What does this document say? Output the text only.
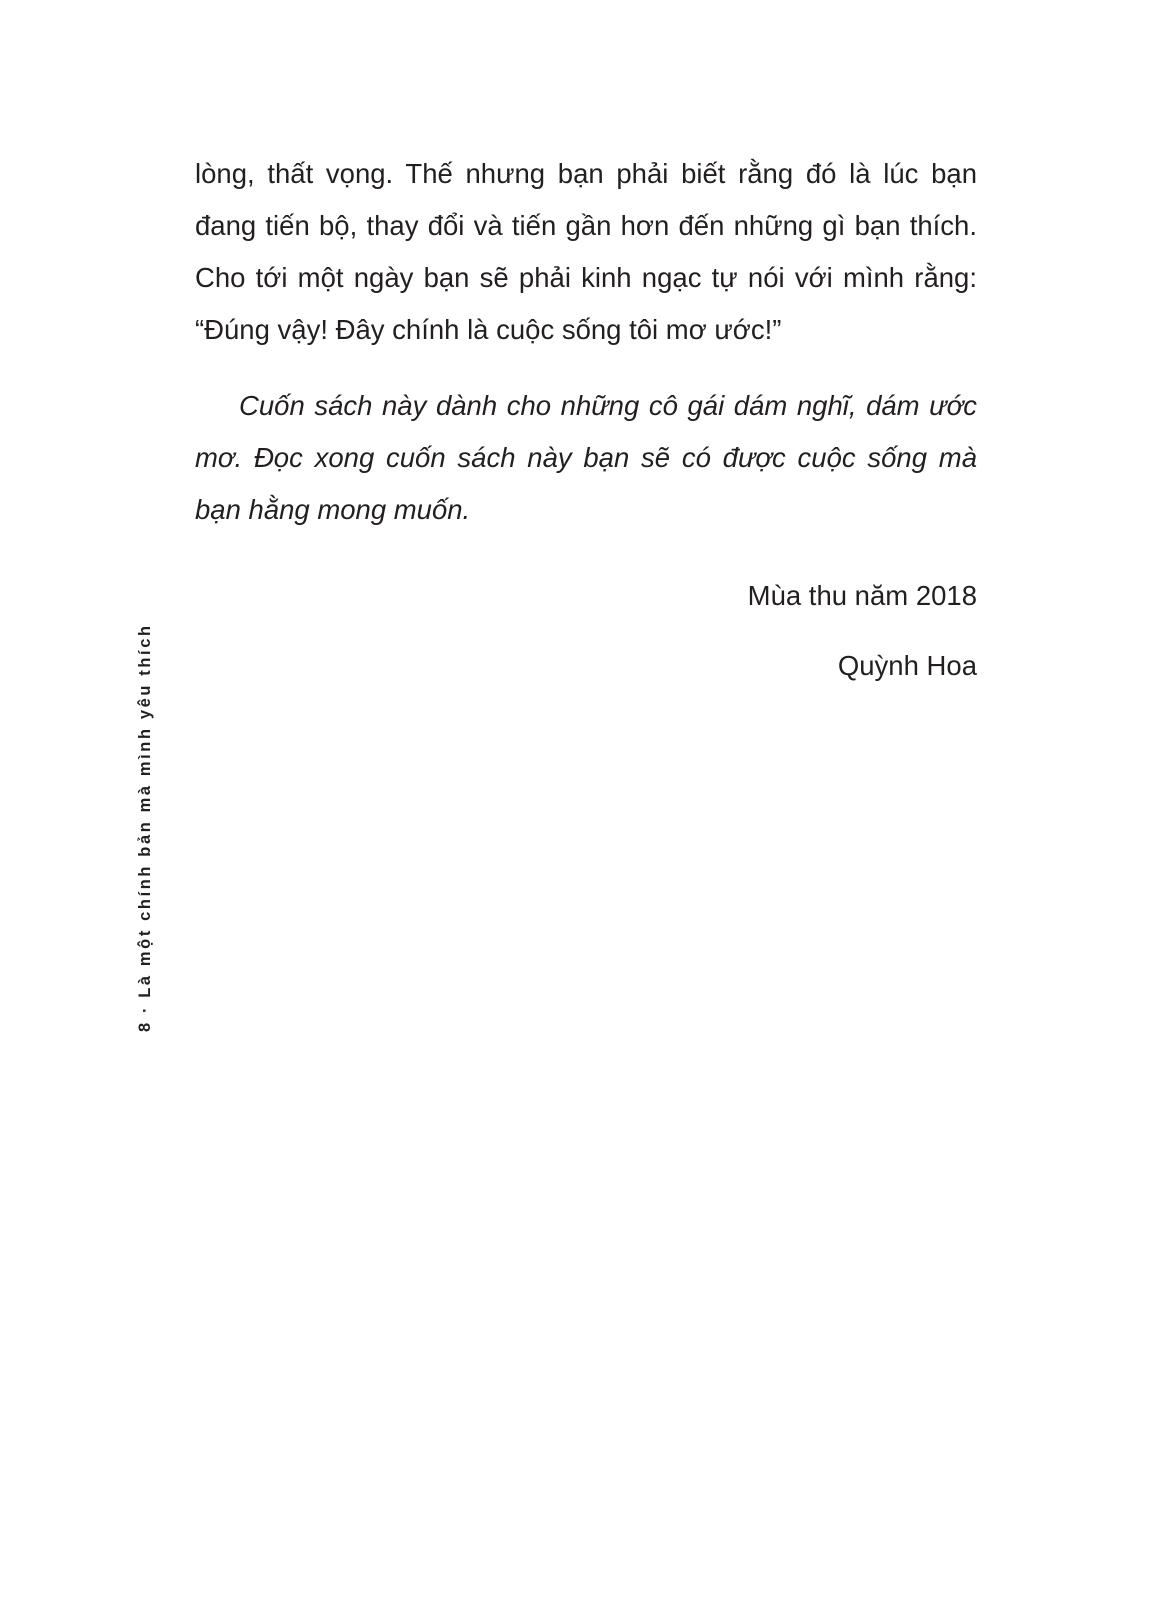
8 · Là một chính bản mà mình yêu thích

lòng, thất vọng. Thế nhưng bạn phải biết rằng đó là lúc bạn đang tiến bộ, thay đổi và tiến gần hơn đến những gì bạn thích. Cho tới một ngày bạn sẽ phải kinh ngạc tự nói với mình rằng: “Đúng vậy! Đây chính là cuộc sống tôi mơ ước!”

Cuốn sách này dành cho những cô gái dám nghĩ, dám ước mơ. Đọc xong cuốn sách này bạn sẽ có được cuộc sống mà bạn hằng mong muốn.

Mùa thu năm 2018
Quỳnh Hoa
